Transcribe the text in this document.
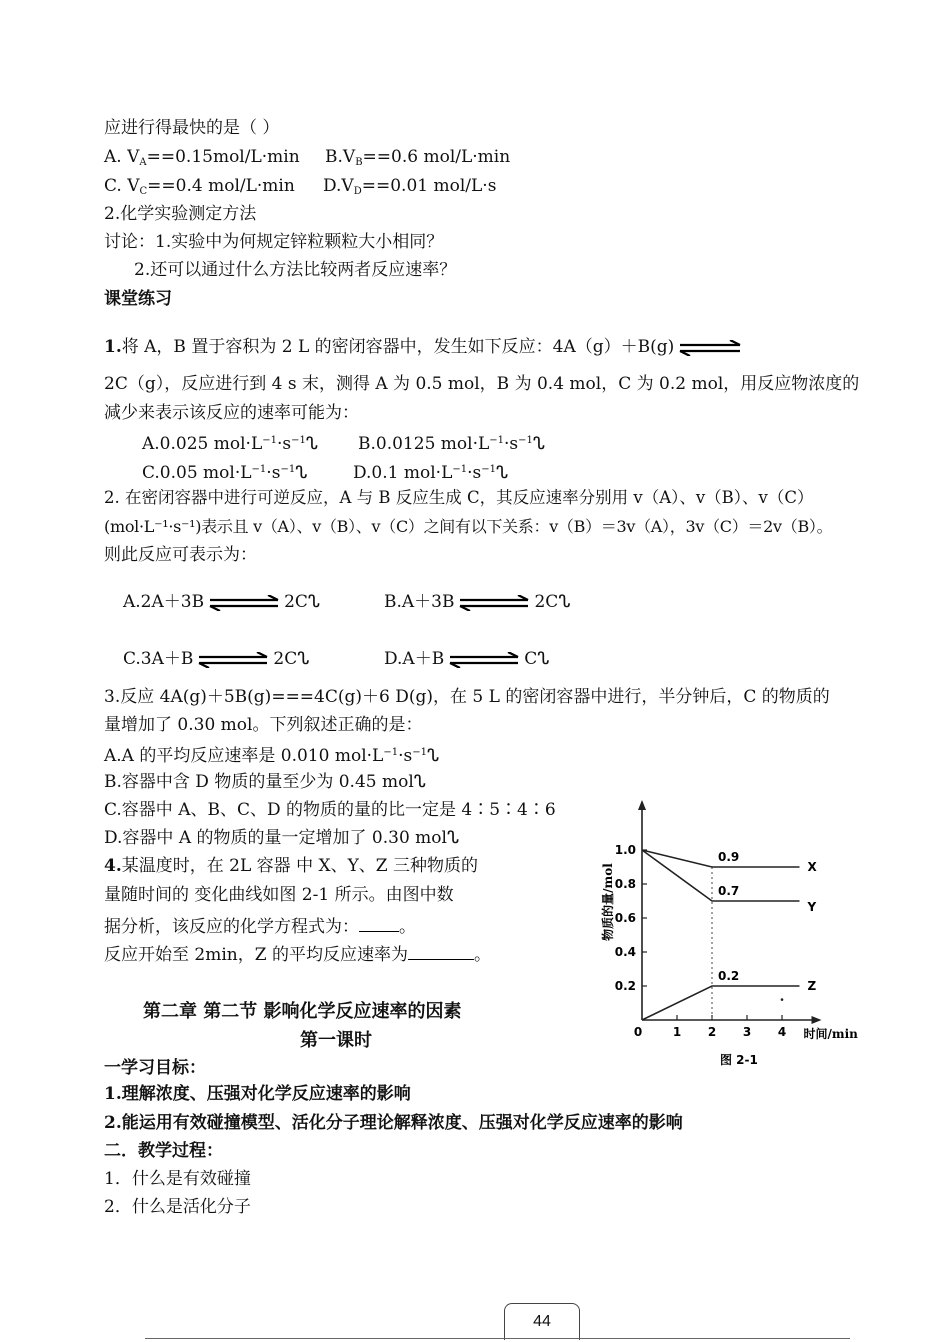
应进行得最快的是（ ）
A. $V_A==0.15mol/L\cdot\min$ $B.V_B==0.6$ mol/L·min
C. $V_C==0.4$ mol/L·min $D.V_D==0.01$ mol/L·s
2.化学实验测定方法
讨论：1.实验中为何规定锌粒颗粒大小相同？
2.还可以通过什么方法比较两者反应速率？
课堂练习
1.将 A，B 置于容积为 2 L 的密闭容器中，发生如下反应：4A（g）＋B(g) ⇌
2C（g），反应进行到 4 s 末，测得 A 为 0.5 mol，B 为 0.4 mol，C 为 0.2 mol，用反应物浓度的
减少来表示该反应的速率可能为：
A.0.025 $mol\cdot L^{-1}\cdot s^{-1}ᔐ$ B.0.0125 $mol\cdot L^{-1}\cdot s^{-1}ᔐ$
C.0.05 $mol\cdot L^{-1}\cdot s^{-1}ᔐ$	D.0.1 $mol\cdot L^{-1}\cdot s^{-1}ᔐ$
2. 在密闭容器中进行可逆反应，A 与 B 反应生成 C，其反应速率分别用 v（A）、v（B）、v（C）
(mol·L⁻¹·s⁻¹)表示且 v（A）、v（B）、v（C）之间有以下关系：v（B）＝3v（A），3v（C）＝2v（B）。
则此反应可表示为：
A.2A＋3B	2Cᔐ	B.A＋3B	2Cᔐ
C.3A＋B	2Cᔐ	D.A＋B	Cᔐ
3.反应 4A(g)＋5B(g)===4C(g)＋6 D(g)，在 5 L 的密闭容器中进行，半分钟后，C 的物质的
量增加了 0.30 mol。下列叙述正确的是：
A.A 的平均反应速率是 0.010 $mol\cdot L^{-1}\cdot s^{-1}ᔐ$
B.容器中含 D 物质的量至少为 0.45 molᔐ
C.容器中 A、B、C、D 的物质的量的比一定是 4∶5∶4∶6
D.容器中 A 的物质的量一定增加了 0.30 molᔐ
4.某温度时，在 2L 容器 中 X、Y、Z 三种物质的
量随时间的 变化曲线如图 2-1 所示。由图中数
据分析，该反应的化学方程式为： 。
反应开始至 2min，Z 的平均反应速率为	。
0.2
0.4
0.6
0.8
1.0
0	1 2 3 4
X
0.9
Y
0.7
Z
0.2
物质的量/mol
时间/min
图 2-1
第二章 第二节 影响化学反应速率的因素
第一课时
一学习目标：
1.理解浓度、压强对化学反应速率的影响
2.能运用有效碰撞模型、活化分子理论解释浓度、压强对化学反应速率的影响
二．教学过程：
1．什么是有效碰撞
2．什么是活化分子
44
